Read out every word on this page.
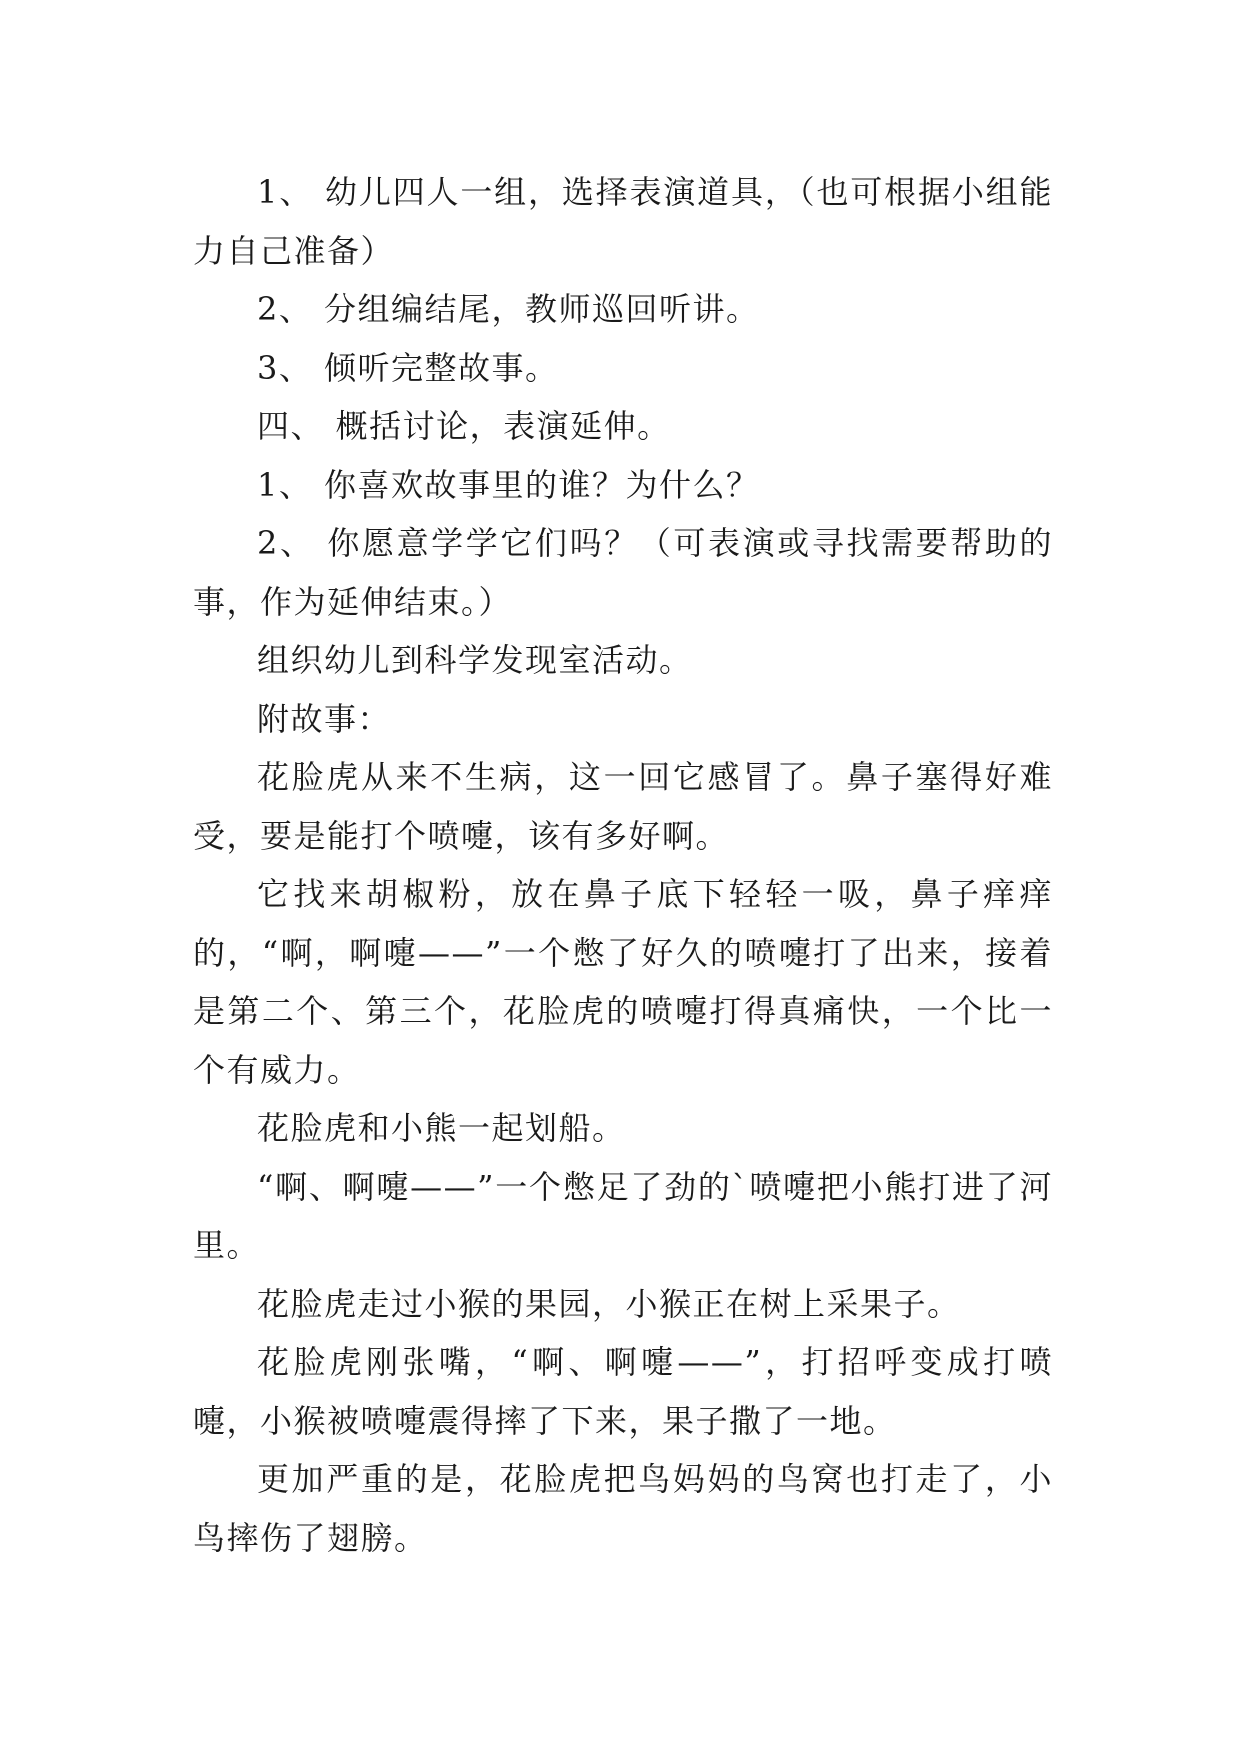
1、 幼儿四人一组，选择表演道具，（也可根据小组能力自己准备）

2、 分组编结尾，教师巡回听讲。

3、 倾听完整故事。

四、 概括讨论，表演延伸。

1、 你喜欢故事里的谁？为什么？

2、 你愿意学学它们吗？（可表演或寻找需要帮助的事，作为延伸结束。）

组织幼儿到科学发现室活动。

附故事：

花脸虎从来不生病，这一回它感冒了。鼻子塞得好难受，要是能打个喷嚏，该有多好啊。

它找来胡椒粉，放在鼻子底下轻轻一吸，鼻子痒痒的，“啊，啊嚏——”一个憋了好久的喷嚏打了出来，接着是第二个、第三个，花脸虎的喷嚏打得真痛快，一个比一个有威力。

花脸虎和小熊一起划船。

“啊、啊嚏——”一个憋足了劲的`喷嚏把小熊打进了河里。

花脸虎走过小猴的果园，小猴正在树上采果子。

花脸虎刚张嘴，“啊、啊嚏——”，打招呼变成打喷嚏，小猴被喷嚏震得摔了下来，果子撒了一地。

更加严重的是，花脸虎把鸟妈妈的鸟窝也打走了，小鸟摔伤了翅膀。
